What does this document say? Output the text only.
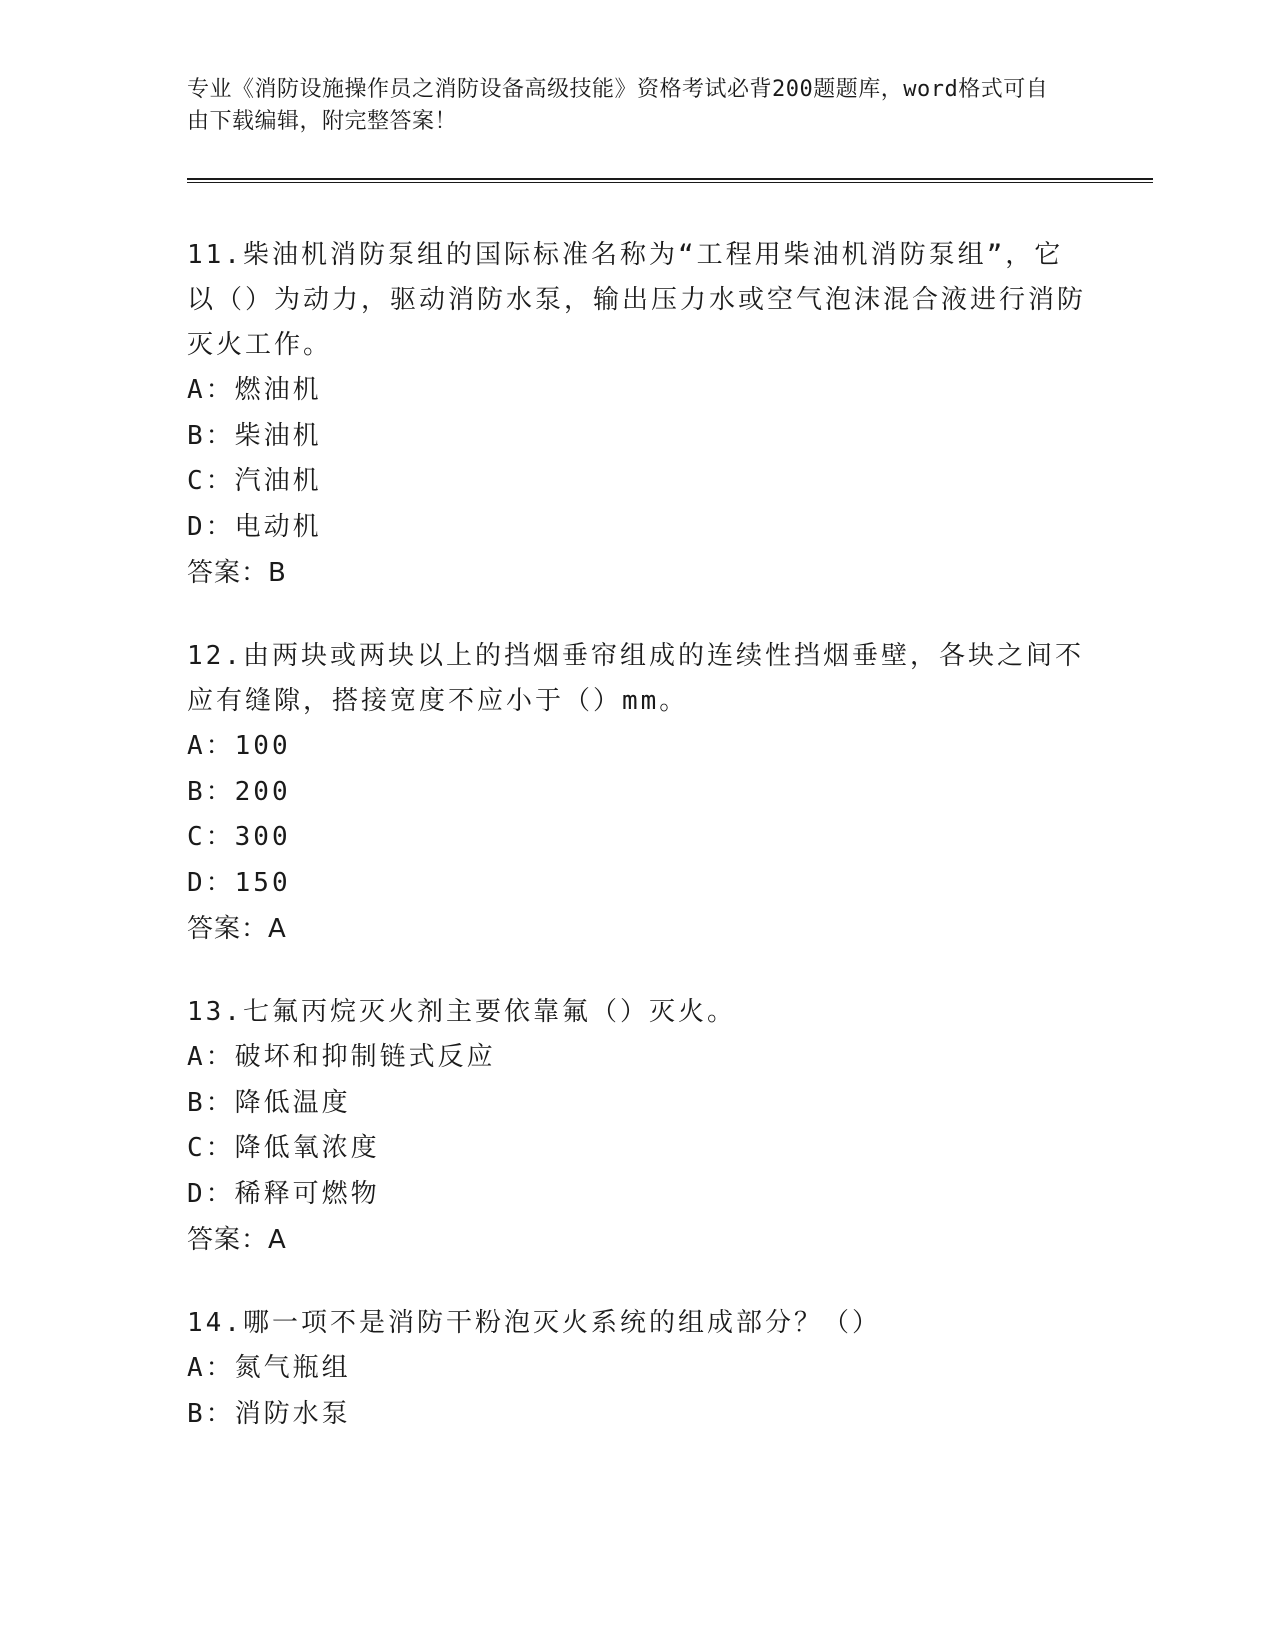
专业《消防设施操作员之消防设备高级技能》资格考试必背200题题库，word格式可自由下载编辑，附完整答案！
11.柴油机消防泵组的国际标准名称为“工程用柴油机消防泵组”，它以（）为动力，驱动消防水泵，输出压力水或空气泡沫混合液进行消防灭火工作。
A：燃油机
B：柴油机
C：汽油机
D：电动机
答案：B
12.由两块或两块以上的挡烟垂帘组成的连续性挡烟垂壁，各块之间不应有缝隙，搭接宽度不应小于（）mm。
A：100
B：200
C：300
D：150
答案：A
13.七氟丙烷灭火剂主要依靠氟（）灭火。
A：破坏和抑制链式反应
B：降低温度
C：降低氧浓度
D：稀释可燃物
答案：A
14.哪一项不是消防干粉泡灭火系统的组成部分？（）
A：氮气瓶组
B：消防水泵
